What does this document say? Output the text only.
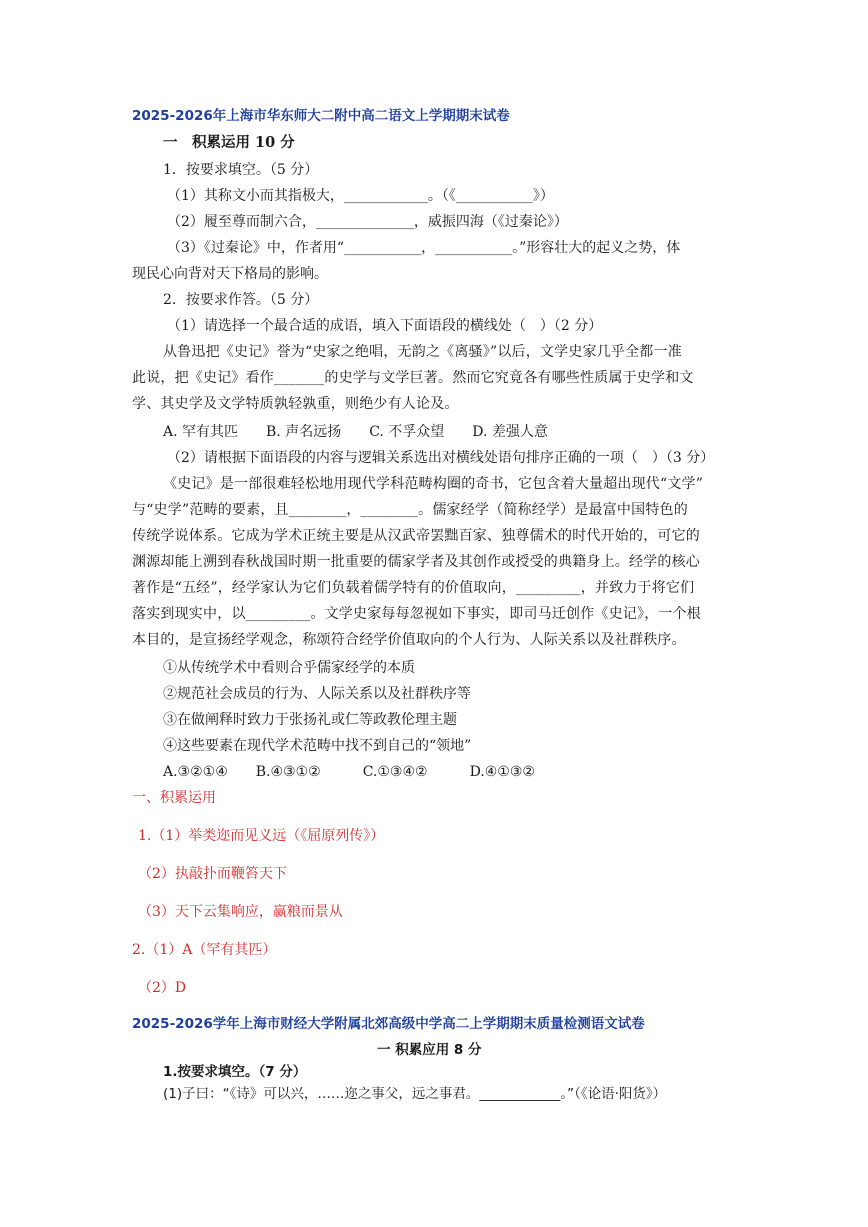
2025-2026年上海市华东师大二附中高二语文上学期期末试卷
一　积累运用 10 分
1．按要求填空。（5 分）
（1）其称文小而其指极大，____________。（《___________》）
（2）履至尊而制六合，______________，威振四海（《过秦论》）
（3）《过秦论》中，作者用“___________，___________。”形容壮大的起义之势，体
现民心向背对天下格局的影响。
2．按要求作答。（5 分）
（1）请选择一个最合适的成语，填入下面语段的横线处（　）（2 分）
从鲁迅把《史记》誉为“史家之绝唱，无韵之《离骚》”以后，文学史家几乎全都一准
此说，把《史记》看作_______的史学与文学巨著。然而它究竟各有哪些性质属于史学和文
学、其史学及文学特质孰轻孰重，则绝少有人论及。
A. 罕有其匹　　B. 声名远扬　　C. 不孚众望　　D. 差强人意
（2）请根据下面语段的内容与逻辑关系选出对横线处语句排序正确的一项（　）（3 分）
《史记》是一部很难轻松地用现代学科范畴构圈的奇书，它包含着大量超出现代“文学”
与“史学”范畴的要素，且________，________。儒家经学（简称经学）是最富中国特色的
传统学说体系。它成为学术正统主要是从汉武帝罢黜百家、独尊儒术的时代开始的，可它的
渊源却能上溯到春秋战国时期一批重要的儒家学者及其创作或授受的典籍身上。经学的核心
著作是“五经”，经学家认为它们负载着儒学特有的价值取向，_________，并致力于将它们
落实到现实中，以_________。文学史家每每忽视如下事实，即司马迁创作《史记》，一个根
本目的，是宣扬经学观念，称颂符合经学价值取向的个人行为、人际关系以及社群秩序。
①从传统学术中看则合乎儒家经学的本质
②规范社会成员的行为、人际关系以及社群秩序等
③在做阐释时致力于张扬礼或仁等政教伦理主题
④这些要素在现代学术范畴中找不到自己的“领地”
A.③②①④　　B.④③①②　　　C.①③④②　　　D.④①③②
一、积累运用
1.（1）举类迩而见义远（《屈原列传》）
（2）执敲扑而鞭笞天下
（3）天下云集响应，赢粮而景从
2.（1）A（罕有其匹）
（2）D
2025-2026学年上海市财经大学附属北郊高级中学高二上学期期末质量检测语文试卷
一 积累应用 8 分
1.按要求填空。（7 分）
(1)子曰：“《诗》可以兴，……迩之事父，远之事君。____________。”（《论语·阳货》）
